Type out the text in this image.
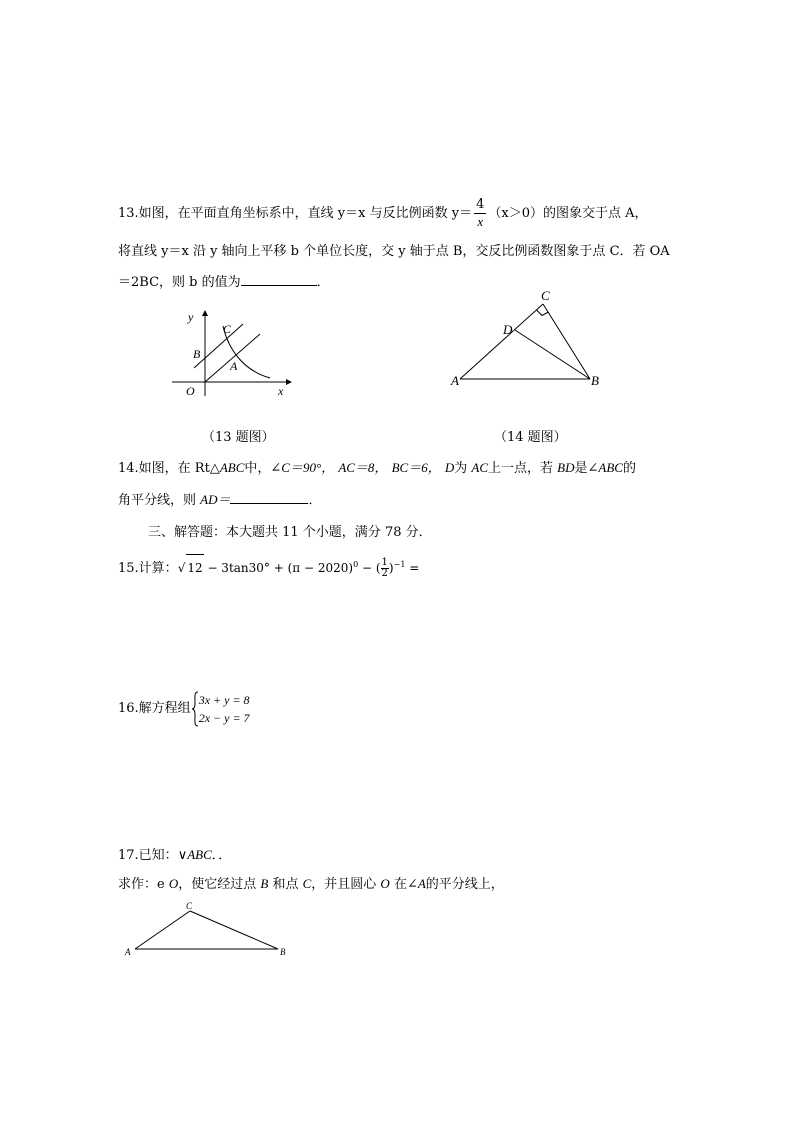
13.如图，在平面直角坐标系中，直线 y＝x 与反比例函数 $y= \frac{4}{x} (x>0)$的图象交于点 A，
将直线 y＝x 沿 y 轴向上平移 b 个单位长度，交 y 轴于点 B，交反比例函数图象于点 C．若 OA
＝2BC，则 b 的值为	．
y
x
O
B
C
A
A	B
C
D
（13 题图）	（14 题图）
14.如图，在 Rt△ABC中，∠C＝90°， AC＝8， BC＝6， D为 AC上一点，若 BD是∠ABC的
角平分线，则 AD＝	．
三、解答题：本大题共 11 个小题，满分 78 分．
15.计算：√ $12 - 3\tan 30^\circ + (\pi - 2020)^0$ − ( $\frac{1}{2})^{-1}$ =
16.解方程组
3x + y = 8
2x − y = 7
17.已知：∨ABC．．
求作：e O，使它经过点 B 和点 C，并且圆心 O 在∠A的平分线上，
A	B
C
